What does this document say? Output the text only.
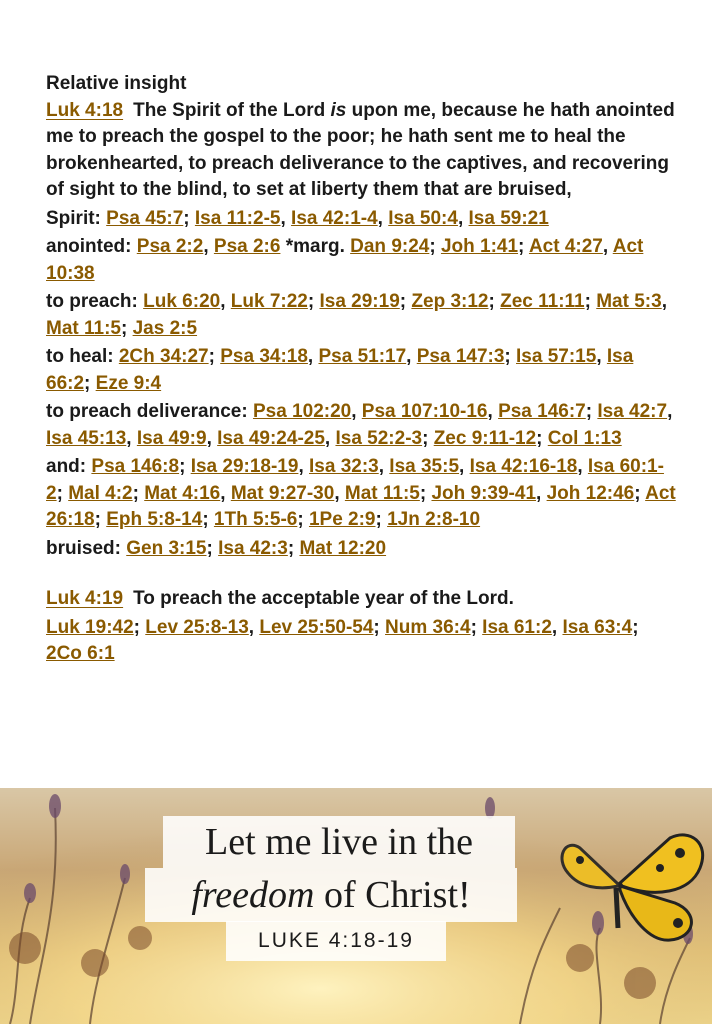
Relative insight

Luk 4:18 The Spirit of the Lord is upon me, because he hath anointed me to preach the gospel to the poor; he hath sent me to heal the brokenhearted, to preach deliverance to the captives, and recovering of sight to the blind, to set at liberty them that are bruised,

Spirit: Psa 45:7; Isa 11:2-5, Isa 42:1-4, Isa 50:4, Isa 59:21

anointed: Psa 2:2, Psa 2:6 *marg. Dan 9:24; Joh 1:41; Act 4:27, Act 10:38

to preach: Luk 6:20, Luk 7:22; Isa 29:19; Zep 3:12; Zec 11:11; Mat 5:3, Mat 11:5; Jas 2:5

to heal: 2Ch 34:27; Psa 34:18, Psa 51:17, Psa 147:3; Isa 57:15, Isa 66:2; Eze 9:4

to preach deliverance: Psa 102:20, Psa 107:10-16, Psa 146:7; Isa 42:7, Isa 45:13, Isa 49:9, Isa 49:24-25, Isa 52:2-3; Zec 9:11-12; Col 1:13

and: Psa 146:8; Isa 29:18-19, Isa 32:3, Isa 35:5, Isa 42:16-18, Isa 60:1-2; Mal 4:2; Mat 4:16, Mat 9:27-30, Mat 11:5; Joh 9:39-41, Joh 12:46; Act 26:18; Eph 5:8-14; 1Th 5:5-6; 1Pe 2:9; 1Jn 2:8-10

bruised: Gen 3:15; Isa 42:3; Mat 12:20

Luk 4:19 To preach the acceptable year of the Lord.

Luk 19:42; Lev 25:8-13, Lev 25:50-54; Num 36:4; Isa 61:2, Isa 63:4; 2Co 6:1
Let me live in the
freedom of Christ!
LUKE 4:18-19
